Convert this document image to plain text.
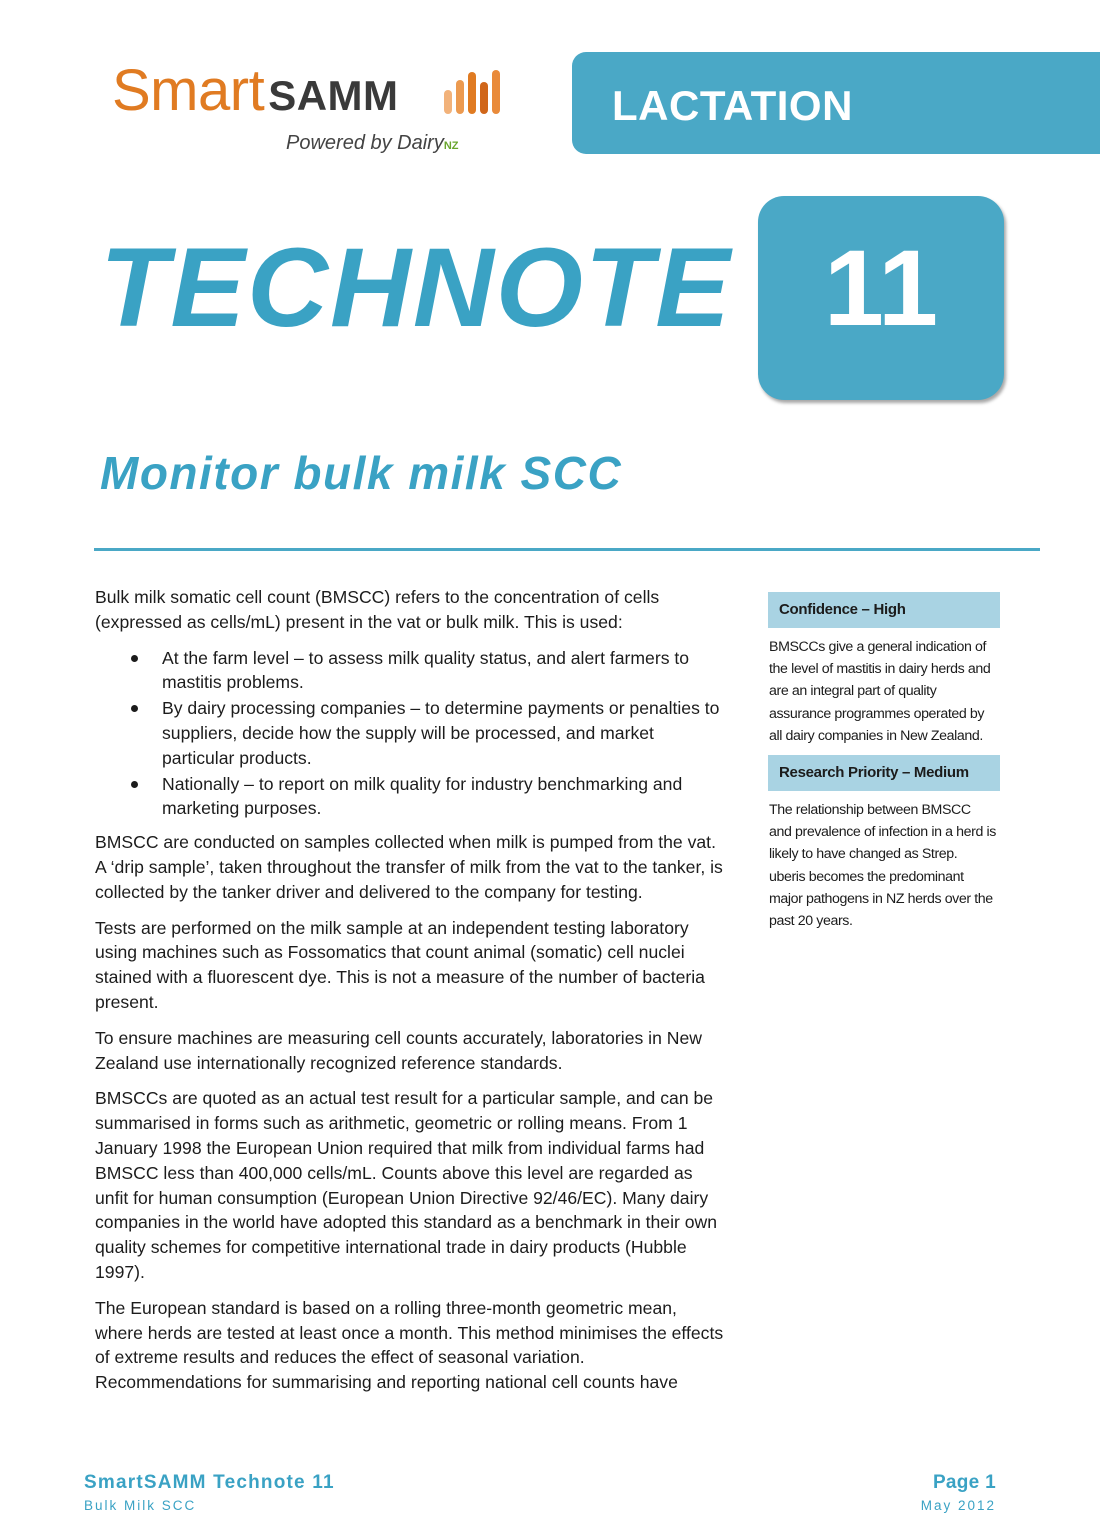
SmartSAMM
Powered by DairyNZ
LACTATION
TECHNOTE 11
Monitor bulk milk SCC

Bulk milk somatic cell count (BMSCC) refers to the concentration of cells (expressed as cells/mL) present in the vat or bulk milk. This is used:

At the farm level – to assess milk quality status, and alert farmers to mastitis problems.
By dairy processing companies – to determine payments or penalties to suppliers, decide how the supply will be processed, and market particular products.
Nationally – to report on milk quality for industry benchmarking and marketing purposes.

BMSCC are conducted on samples collected when milk is pumped from the vat. A ‘drip sample’, taken throughout the transfer of milk from the vat to the tanker, is collected by the tanker driver and delivered to the company for testing.

Tests are performed on the milk sample at an independent testing laboratory using machines such as Fossomatics that count animal (somatic) cell nuclei stained with a fluorescent dye. This is not a measure of the number of bacteria present.

To ensure machines are measuring cell counts accurately, laboratories in New Zealand use internationally recognized reference standards.

BMSCCs are quoted as an actual test result for a particular sample, and can be summarised in forms such as arithmetic, geometric or rolling means. From 1 January 1998 the European Union required that milk from individual farms had BMSCC less than 400,000 cells/mL. Counts above this level are regarded as unfit for human consumption (European Union Directive 92/46/EC). Many dairy companies in the world have adopted this standard as a benchmark in their own quality schemes for competitive international trade in dairy products (Hubble 1997).

The European standard is based on a rolling three-month geometric mean, where herds are tested at least once a month. This method minimises the effects of extreme results and reduces the effect of seasonal variation. Recommendations for summarising and reporting national cell counts have

Confidence – High
BMSCCs give a general indication of the level of mastitis in dairy herds and are an integral part of quality assurance programmes operated by all dairy companies in New Zealand.
Research Priority – Medium
The relationship between BMSCC and prevalence of infection in a herd is likely to have changed as Strep. uberis becomes the predominant major pathogens in NZ herds over the past 20 years.
SmartSAMM Technote 11
Bulk Milk SCC
Page 1
May 2012
